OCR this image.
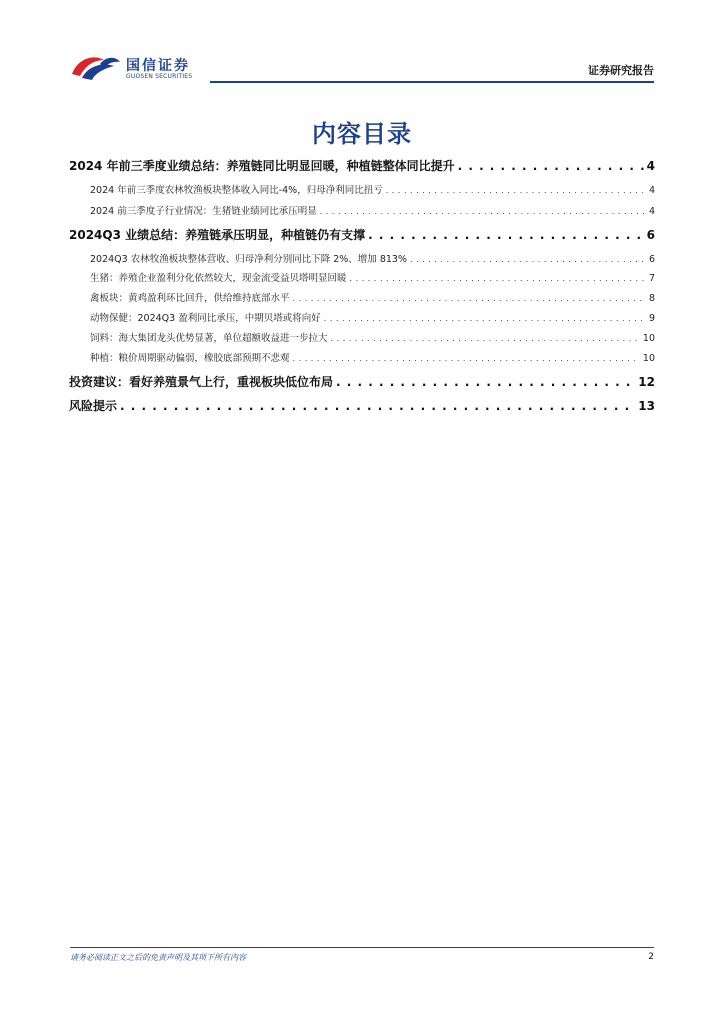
国信证券
GUOSEN SECURITIES	证券研究报告
内容目录
2024 年前三季度业绩总结：养殖链同比明显回暖，种植链整体同比提升 . . .	4
2024 年前三季度农林牧渔板块整体收入同比-4%，归母净利同比扭亏 . . .	4
2024 前三季度子行业情况：生猪链业绩同比承压明显 . . .	4
2024Q3 业绩总结：养殖链承压明显，种植链仍有支撑 . . .	6
2024Q3 农林牧渔板块整体营收、归母净利分别同比下降 2%、增加 813% . . .	6
生猪：养殖企业盈利分化依然较大，现金流受益贝塔明显回暖 . . .	7
禽板块：黄鸡盈利环比回升，供给维持底部水平 . . .	8
动物保健：2024Q3 盈利同比承压，中期贝塔或将向好 . . .	9
饲料：海大集团龙头优势显著，单位超额收益进一步拉大 . . .	10
种植：粮价周期驱动偏弱，橡胶底部预期不悲观 . . .	10
投资建议：看好养殖景气上行，重视板块低位布局 . . .	12
风险提示 . . .	13
请务必阅读正文之后的免责声明及其项下所有内容	2
